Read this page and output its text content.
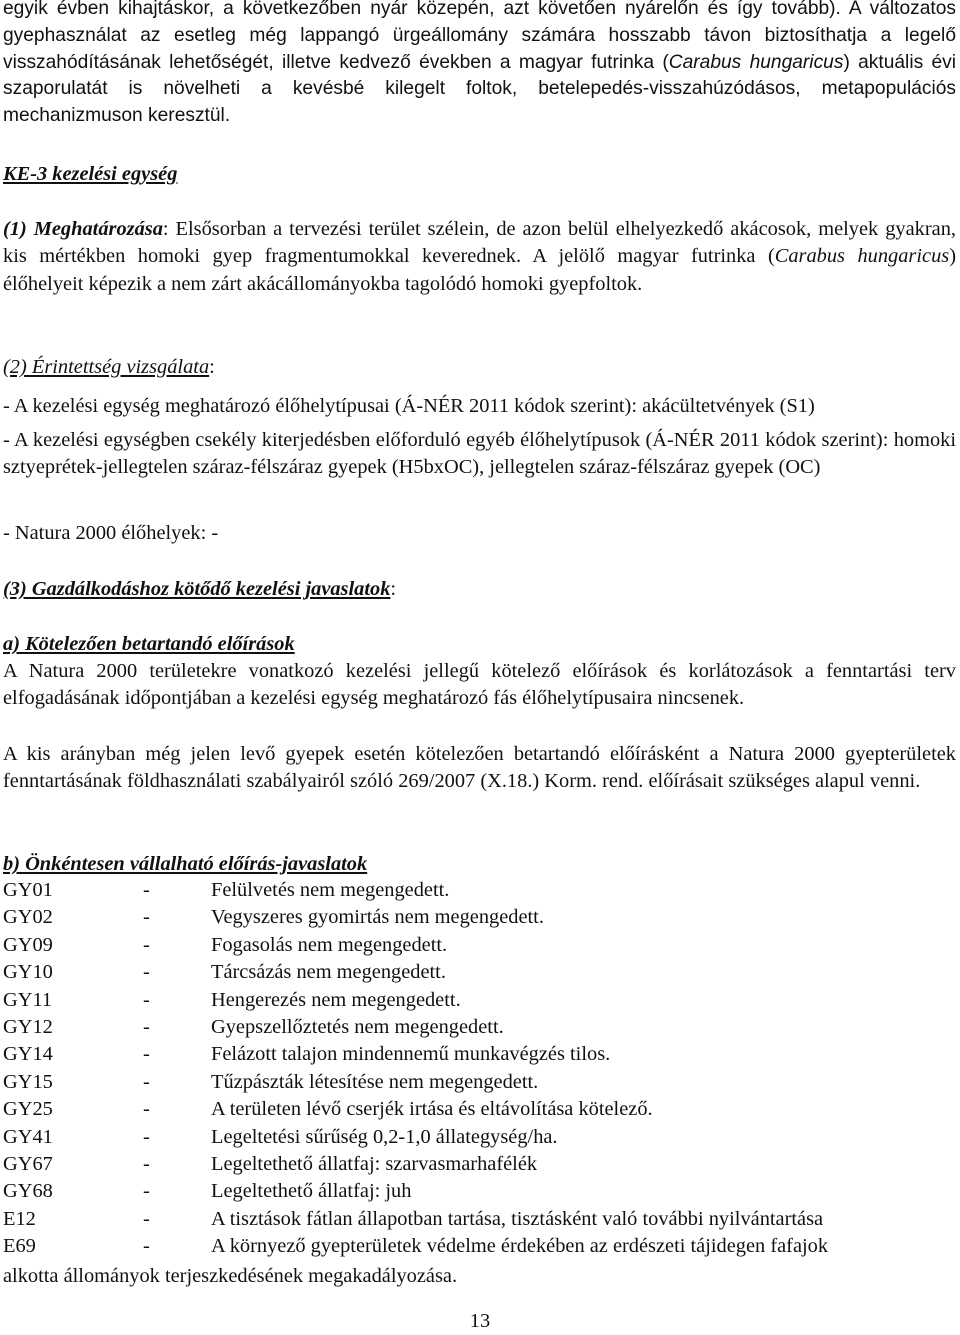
egyik évben kihajtáskor, a következőben nyár közepén, azt követően nyárelőn és így tovább). A változatos gyephasználat az esetleg még lappangó ürgeállomány számára hosszabb távon biztosíthatja a legelő visszahódításának lehetőségét, illetve kedvező években a magyar futrinka (Carabus hungaricus) aktuális évi szaporulatát is növelheti a kevésbé kilegelt foltok, betelepedés-visszahúzódásos, metapopulációs mechanizmuson keresztül.

KE-3 kezelési egység

(1) Meghatározása: Elsősorban a tervezési terület szélein, de azon belül elhelyezkedő akácosok, melyek gyakran, kis mértékben homoki gyep fragmentumokkal keverednek. A jelölő magyar futrinka (Carabus hungaricus) élőhelyeit képezik a nem zárt akácállományokba tagolódó homoki gyepfoltok.

(2) Érintettség vizsgálata:

- A kezelési egység meghatározó élőhelytípusai (Á-NÉR 2011 kódok szerint): akácültetvények (S1)

- A kezelési egységben csekély kiterjedésben előforduló egyéb élőhelytípusok (Á-NÉR 2011 kódok szerint): homoki sztyeprétek-jellegtelen száraz-félszáraz gyepek (H5bxOC), jellegtelen száraz-félszáraz gyepek (OC)

- Natura 2000 élőhelyek: -

(3) Gazdálkodáshoz kötődő kezelési javaslatok:

a) Kötelezően betartandó előírások

A Natura 2000 területekre vonatkozó kezelési jellegű kötelező előírások és korlátozások a fenntartási terv elfogadásának időpontjában a kezelési egység meghatározó fás élőhelytípusaira nincsenek.

A kis arányban még jelen levő gyepek esetén kötelezően betartandó előírásként a Natura 2000 gyepterületek fenntartásának földhasználati szabályairól szóló 269/2007 (X.18.) Korm. rend. előírásait szükséges alapul venni.

b) Önkéntesen vállalható előírás-javaslatok

GY01	-	Felülvetés nem megengedett.
GY02	-	Vegyszeres gyomirtás nem megengedett.
GY09	-	Fogasolás nem megengedett.
GY10	-	Tárcsázás nem megengedett.
GY11	-	Hengerezés nem megengedett.
GY12	-	Gyepszellőztetés nem megengedett.
GY14	-	Felázott talajon mindennemű munkavégzés tilos.
GY15	-	Tűzpászták létesítése nem megengedett.
GY25	-	A területen lévő cserjék irtása és eltávolítása kötelező.
GY41	-	Legeltetési sűrűség 0,2-1,0 állategység/ha.
GY67	-	Legeltethető állatfaj: szarvasmarhafélék
GY68	-	Legeltethető állatfaj: juh
E12	-	A tisztások fátlan állapotban tartása, tisztásként való további nyilvántartása
E69	-	A környező gyepterületek védelme érdekében az erdészeti tájidegen fafajok

alkotta állományok terjeszkedésének megakadályozása.

13
